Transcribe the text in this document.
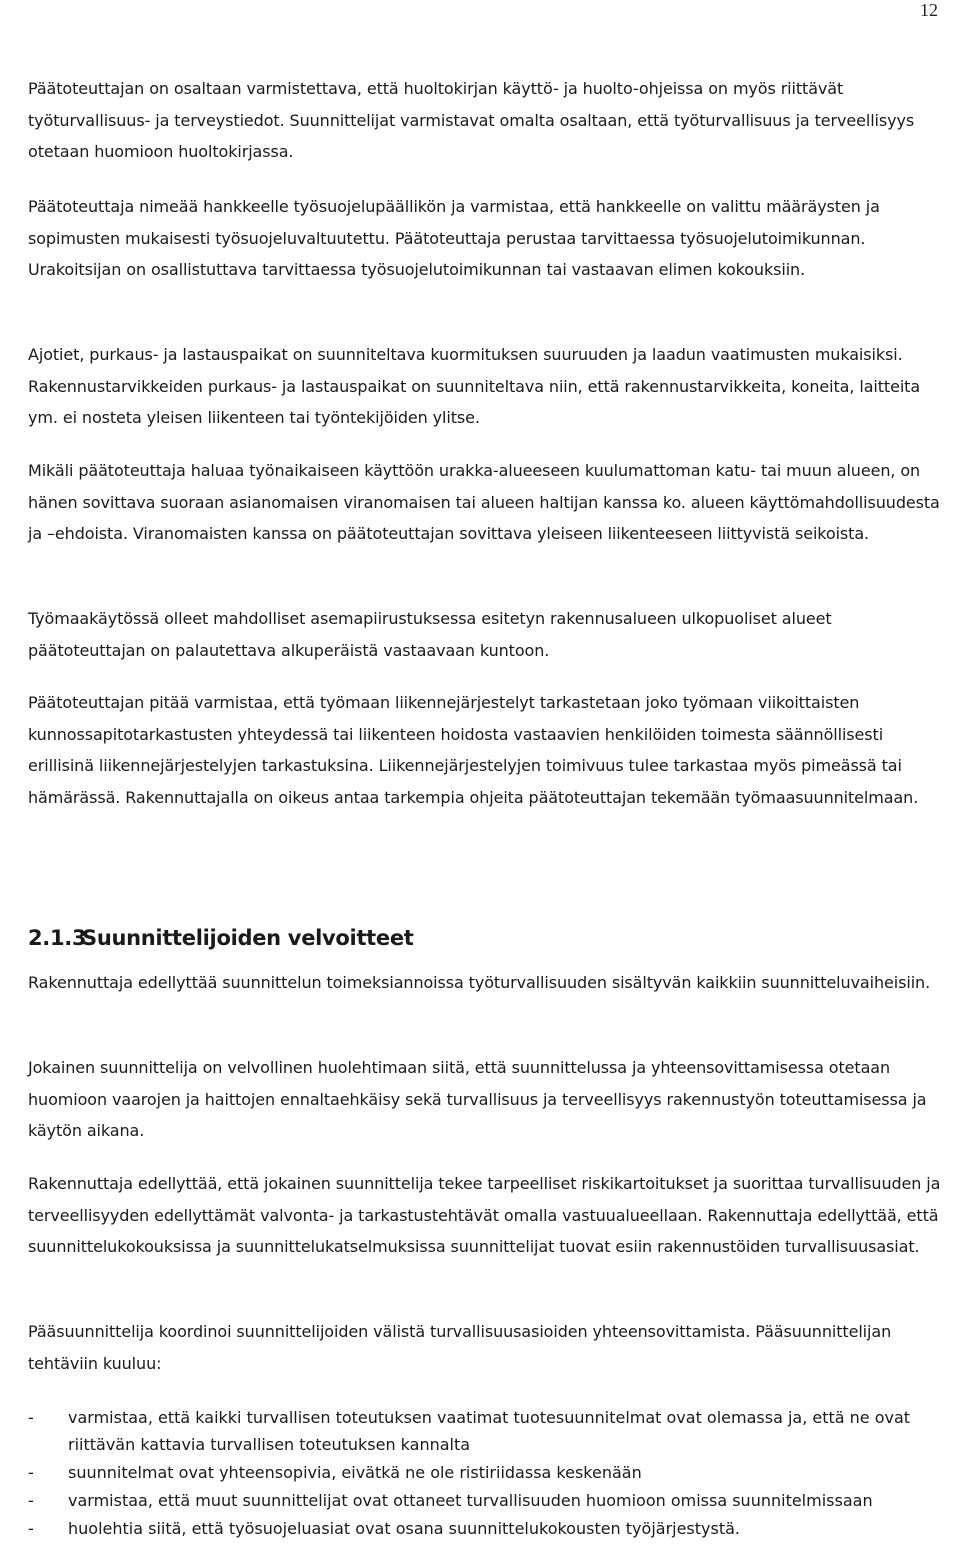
12

Päätoteuttajan on osaltaan varmistettava, että huoltokirjan käyttö- ja huolto-ohjeissa on myös riittävät työturvallisuus- ja terveystiedot. Suunnittelijat varmistavat omalta osaltaan, että työturvallisuus ja terveellisyys otetaan huomioon huoltokirjassa.

Päätoteuttaja nimeää hankkeelle työsuojelupäällikön ja varmistaa, että hankkeelle on valittu määräysten ja sopimusten mukaisesti työsuojeluvaltuutettu. Päätoteuttaja perustaa tarvittaessa työsuojelutoimikunnan. Urakoitsijan on osallistuttava tarvittaessa työsuojelutoimikunnan tai vastaavan elimen kokouksiin.

Ajotiet, purkaus- ja lastauspaikat on suunniteltava kuormituksen suuruuden ja laadun vaatimusten mukaisiksi. Rakennustarvikkeiden purkaus- ja lastauspaikat on suunniteltava niin, että rakennustarvikkeita, koneita, laitteita ym. ei nosteta yleisen liikenteen tai työntekijöiden ylitse.

Mikäli päätoteuttaja haluaa työnaikaiseen käyttöön urakka-alueeseen kuulumattoman katu- tai muun alueen, on hänen sovittava suoraan asianomaisen viranomaisen tai alueen haltijan kanssa ko. alueen käyttömahdollisuudesta ja –ehdoista. Viranomaisten kanssa on päätoteuttajan sovittava yleiseen liikenteeseen liittyvistä seikoista.

Työmaakäytössä olleet mahdolliset asemapiirustuksessa esitetyn rakennusalueen ulkopuoliset alueet päätoteuttajan on palautettava alkuperäistä vastaavaan kuntoon.

Päätoteuttajan pitää varmistaa, että työmaan liikennejärjestelyt tarkastetaan joko työmaan viikoittaisten kunnossapitotarkastusten yhteydessä tai liikenteen hoidosta vastaavien henkilöiden toimesta säännöllisesti erillisinä liikennejärjestelyjen tarkastuksina. Liikennejärjestelyjen toimivuus tulee tarkastaa myös pimeässä tai hämärässä. Rakennuttajalla on oikeus antaa tarkempia ohjeita päätoteuttajan tekemään työmaasuunnitelmaan.

2.1.3Suunnittelijoiden velvoitteet

Rakennuttaja edellyttää suunnittelun toimeksiannoissa työturvallisuuden sisältyvän kaikkiin suunnitteluvaiheisiin.

Jokainen suunnittelija on velvollinen huolehtimaan siitä, että suunnittelussa ja yhteensovittamisessa otetaan huomioon vaarojen ja haittojen ennaltaehkäisy sekä turvallisuus ja terveellisyys rakennustyön toteuttamisessa ja käytön aikana.

Rakennuttaja edellyttää, että jokainen suunnittelija tekee tarpeelliset riskikartoitukset ja suorittaa turvallisuuden ja terveellisyyden edellyttämät valvonta- ja tarkastustehtävät omalla vastuualueellaan. Rakennuttaja edellyttää, että suunnittelukokouksissa ja suunnittelukatselmuksissa suunnittelijat tuovat esiin rakennustöiden turvallisuusasiat.

Pääsuunnittelija koordinoi suunnittelijoiden välistä turvallisuusasioiden yhteensovittamista. Pääsuunnittelijan tehtäviin kuuluu:

- varmistaa, että kaikki turvallisen toteutuksen vaatimat tuotesuunnitelmat ovat olemassa ja, että ne ovat riittävän kattavia turvallisen toteutuksen kannalta
- suunnitelmat ovat yhteensopivia, eivätkä ne ole ristiriidassa keskenään
- varmistaa, että muut suunnittelijat ovat ottaneet turvallisuuden huomioon omissa suunnitelmissaan
- huolehtia siitä, että työsuojeluasiat ovat osana suunnittelukokousten työjärjestystä.
